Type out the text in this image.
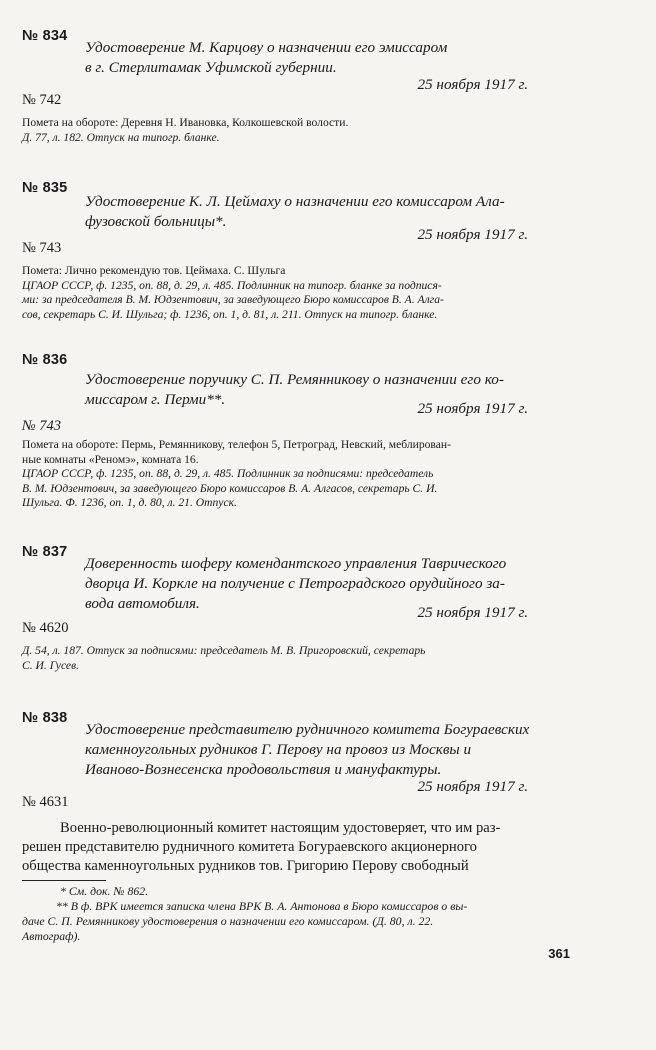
№ 834
Удостоверение М. Карцову о назначении его эмиссаром
в г. Стерлитамак Уфимской губернии.
25 ноября 1917 г.
№ 742
Помета на обороте: Деревня Н. Ивановка, Колкошевской волости.
Д. 77, л. 182. Отпуск на типогр. бланке.
№ 835
Удостоверение К. Л. Цеймаху о назначении его комиссаром Ала-
фузовской больницы*.
25 ноября 1917 г.
№ 743
Помета: Лично рекомендую тов. Цеймаха. С. Шульга
ЦГАОР СССР, ф. 1235, оп. 88, д. 29, л. 485. Подлинник на типогр. бланке за подпися-
ми: за председателя В. М. Юдзентович, за заведующего Бюро комиссаров В. А. Алга-
сов, секретарь С. И. Шульга; ф. 1236, оп. 1, д. 81, л. 211. Отпуск на типогр. бланке.
№ 836
Удостоверение поручику С. П. Ремянникову о назначении его ко-
миссаром г. Перми**.
25 ноября 1917 г.
№ 743
Помета на обороте: Пермь, Ремянникову, телефон 5, Петроград, Невский, меблирован-
ные комнаты «Реномэ», комната 16.
ЦГАОР СССР, ф. 1235, оп. 88, д. 29, л. 485. Подлинник за подписями: председатель
В. М. Юдзентович, за заведующего Бюро комиссаров В. А. Алгасов, секретарь С. И.
Шульга. Ф. 1236, оп. 1, д. 80, л. 21. Отпуск.
№ 837
Доверенность шоферу комендантского управления Таврического
дворца И. Коркле на получение с Петроградского орудийного за-
вода автомобиля.
25 ноября 1917 г.
№ 4620
Д. 54, л. 187. Отпуск за подписями: председатель М. В. Пригоровский, секретарь
С. И. Гусев.
№ 838
Удостоверение представителю рудничного комитета Богураевских
каменноугольных рудников Г. Перову на провоз из Москвы и
Иваново-Вознесенска продовольствия и мануфактуры.
25 ноября 1917 г.
№ 4631
Военно-революционный комитет настоящим удостоверяет, что им раз-
решен представителю рудничного комитета Богураевского акционерного
общества каменноугольных рудников тов. Григорию Перову свободный
* См. док. № 862.
** В ф. ВРК имеется записка члена ВРК В. А. Антонова в Бюро комиссаров о вы-
даче С. П. Ремянникову удостоверения о назначении его комиссаром. (Д. 80, л. 22.
Автограф).
361
